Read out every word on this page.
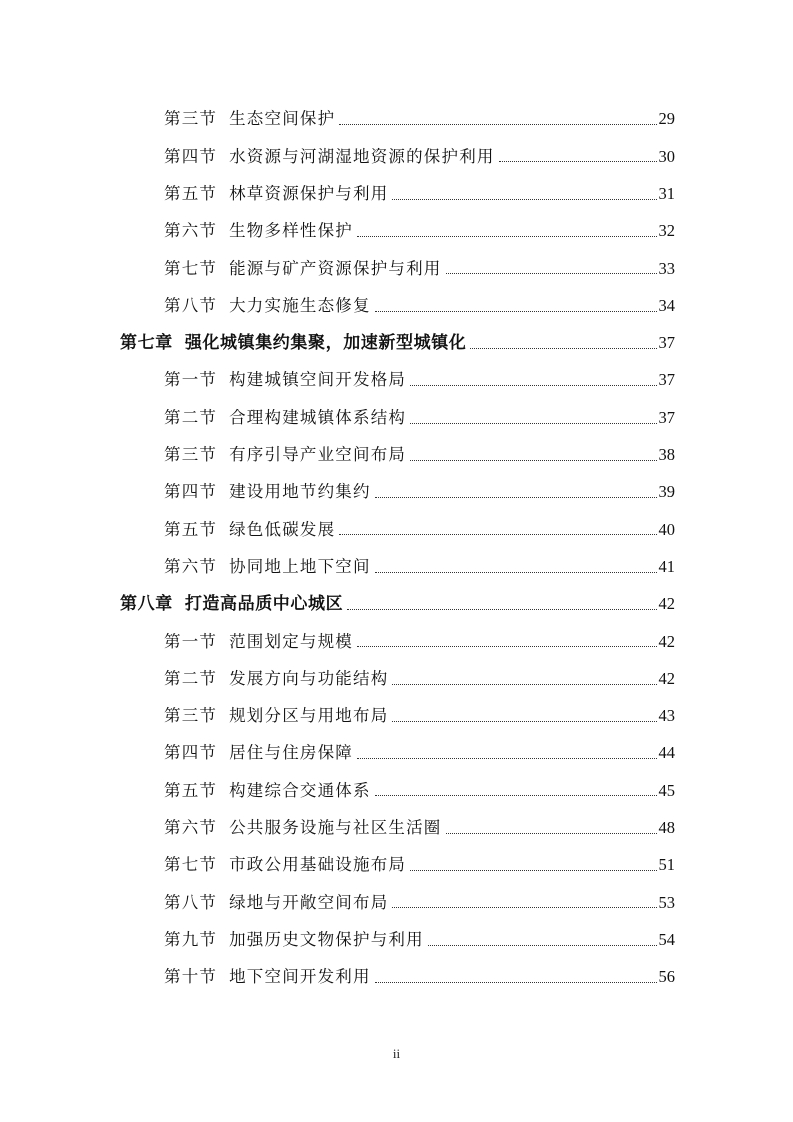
第三节 生态空间保护	29
第四节 水资源与河湖湿地资源的保护利用	30
第五节 林草资源保护与利用	31
第六节 生物多样性保护	32
第七节 能源与矿产资源保护与利用	33
第八节 大力实施生态修复	34
第七章 强化城镇集约集聚，加速新型城镇化	37
第一节 构建城镇空间开发格局	37
第二节 合理构建城镇体系结构	37
第三节 有序引导产业空间布局	38
第四节 建设用地节约集约	39
第五节 绿色低碳发展	40
第六节 协同地上地下空间	41
第八章 打造高品质中心城区	42
第一节 范围划定与规模	42
第二节 发展方向与功能结构	42
第三节 规划分区与用地布局	43
第四节 居住与住房保障	44
第五节 构建综合交通体系	45
第六节 公共服务设施与社区生活圈	48
第七节 市政公用基础设施布局	51
第八节 绿地与开敞空间布局	53
第九节 加强历史文物保护与利用	54
第十节 地下空间开发利用	56
ii
